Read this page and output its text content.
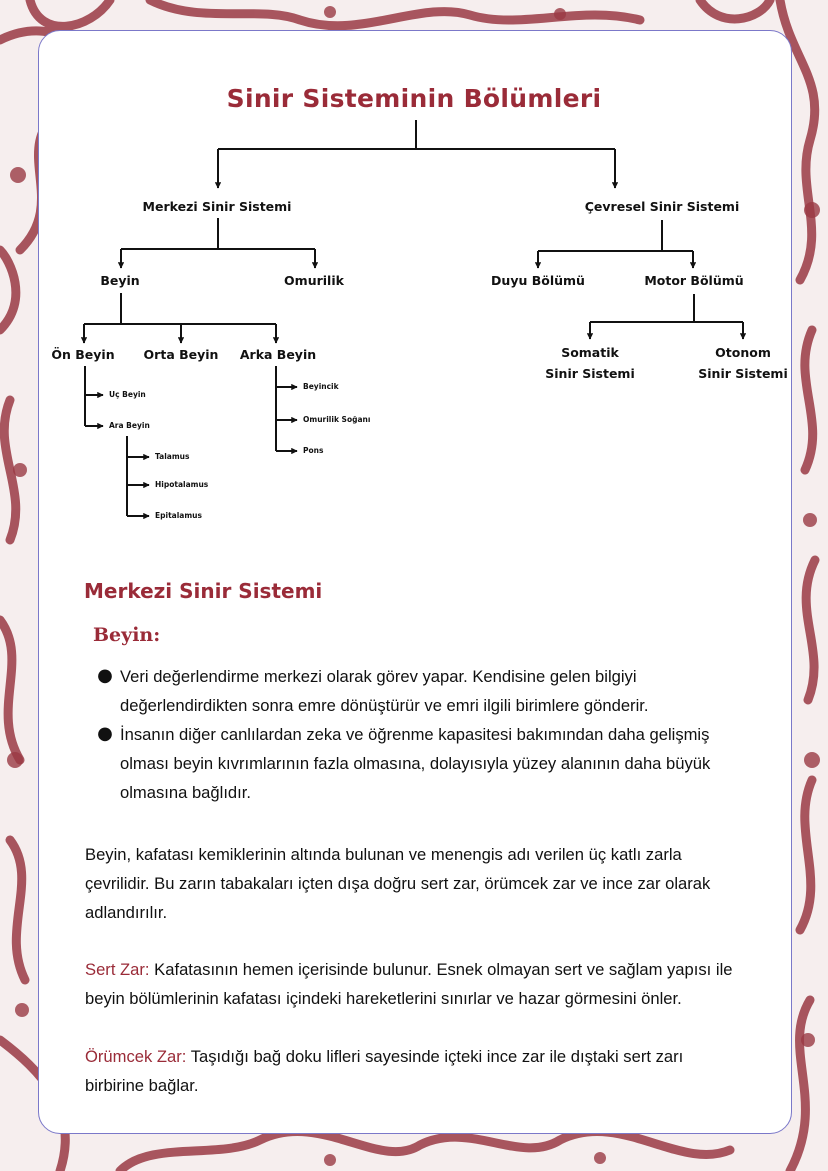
Sinir Sisteminin Bölümleri
Merkezi Sinir Sistemi	Çevresel Sinir Sistemi
Beyin	Omurilik	Duyu Bölümü	Motor Bölümü
Ön Beyin Orta Beyin Arka Beyin	Somatik
Sinir Sistemi
Otonom
Sinir Sistemi
Uç Beyin
Ara Beyin
Talamus
Hipotalamus
Epitalamus
Beyincik
Omurilik Soğanı
Pons
Merkezi Sinir Sistemi
Beyin:
● Veri değerlendirme merkezi olarak görev yapar. Kendisine gelen bilgiyi değerlendirdikten sonra emre dönüştürür ve emri ilgili birimlere gönderir.
● İnsanın diğer canlılardan zeka ve öğrenme kapasitesi bakımından daha gelişmiş olması beyin kıvrımlarının fazla olmasına, dolayısıyla yüzey alanının daha büyük olmasına bağlıdır.
Beyin, kafatası kemiklerinin altında bulunan ve menengis adı verilen üç katlı zarla çevrilidir. Bu zarın tabakaları içten dışa doğru sert zar, örümcek zar ve ince zar olarak adlandırılır.
Sert Zar: Kafatasının hemen içerisinde bulunur. Esnek olmayan sert ve sağlam yapısı ile beyin bölümlerinin kafatası içindeki hareketlerini sınırlar ve hazar görmesini önler.
Örümcek Zar: Taşıdığı bağ doku lifleri sayesinde içteki ince zar ile dıştaki sert zarı birbirine bağlar.
